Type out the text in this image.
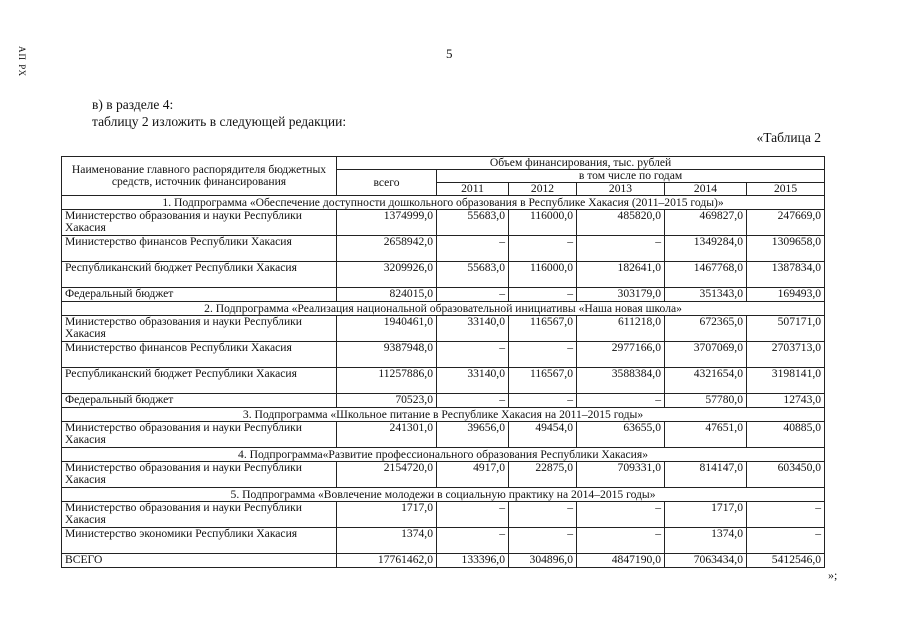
АП РХ	5
в) в разделе 4:
таблицу 2 изложить в следующей редакции:
«Таблица 2
Наименование главного распорядителя бюджетных средств, источник финансирования	Объем финансирования, тыс. рублей					
	всего	в том числе по годам				
		2011	2012	2013	2014	2015
1. Подпрограмма «Обеспечение доступности дошкольного образования в Республике Хакасия (2011–2015 годы)»						
Министерство образования и науки Республики Хакасия	1374999,0	55683,0	116000,0	485820,0	469827,0	247669,0
Министерство финансов Республики Хакасия	2658942,0	–	–	–	1349284,0	1309658,0
Республиканский бюджет Республики Хакасия	3209926,0	55683,0	116000,0	182641,0	1467768,0	1387834,0
Федеральный бюджет	824015,0	–	–	303179,0	351343,0	169493,0
2. Подпрограмма «Реализация национальной образовательной инициативы «Наша новая школа»						
Министерство образования и науки Республики Хакасия	1940461,0	33140,0	116567,0	611218,0	672365,0	507171,0
Министерство финансов Республики Хакасия	9387948,0	–	–	2977166,0	3707069,0	2703713,0
Республиканский бюджет Республики Хакасия	11257886,0	33140,0	116567,0	3588384,0	4321654,0	3198141,0
Федеральный бюджет	70523,0	–	–	–	57780,0	12743,0
3. Подпрограмма «Школьное питание в Республике Хакасия на 2011–2015 годы»						
Министерство образования и науки Республики Хакасия	241301,0	39656,0	49454,0	63655,0	47651,0	40885,0
4. Подпрограмма«Развитие профессионального образования Республики Хакасия»						
Министерство образования и науки Республики Хакасия	2154720,0	4917,0	22875,0	709331,0	814147,0	603450,0
5. Подпрограмма «Вовлечение молодежи в социальную практику на 2014–2015 годы»						
Министерство образования и науки Республики Хакасия	1717,0	–	–	–	1717,0	–
Министерство экономики Республики Хакасия	1374,0	–	–	–	1374,0	–
ВСЕГО	17761462,0	133396,0	304896,0	4847190,0	7063434,0	5412546,0
»;
